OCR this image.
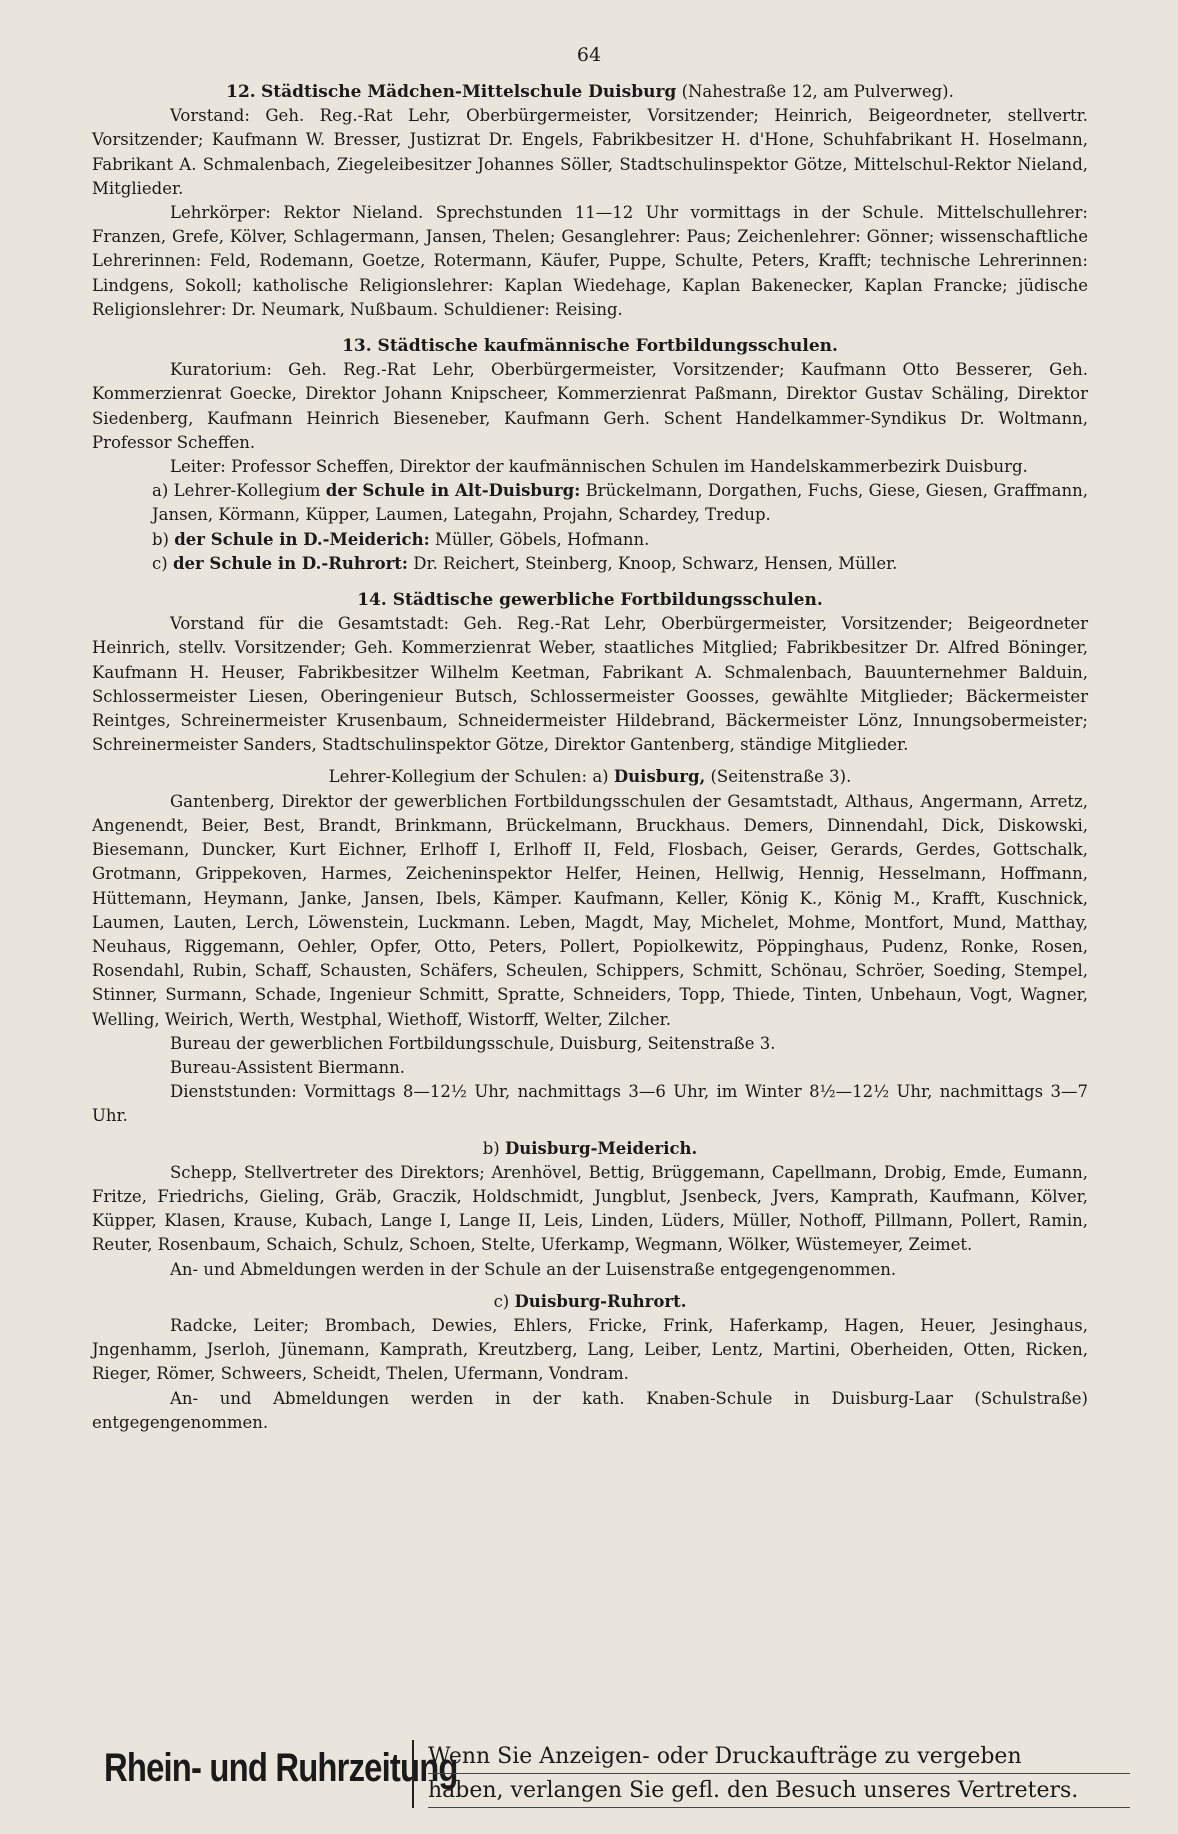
64

12. Städtische Mädchen-Mittelschule Duisburg (Nahestraße 12, am Pulverweg).

Vorstand: Geh. Reg.-Rat Lehr, Oberbürgermeister, Vorsitzender; Heinrich, Beigeordneter, stellvertr. Vorsitzender; Kaufmann W. Bresser, Justizrat Dr. Engels, Fabrikbesitzer H. d'Hone, Schuhfabrikant H. Hoselmann, Fabrikant A. Schmalenbach, Ziegeleibesitzer Johannes Söller, Stadtschulinspektor Götze, Mittelschul-Rektor Nieland, Mitglieder.

Lehrkörper: Rektor Nieland. Sprechstunden 11—12 Uhr vormittags in der Schule. Mittelschullehrer: Franzen, Grefe, Kölver, Schlagermann, Jansen, Thelen; Gesanglehrer: Paus; Zeichenlehrer: Gönner; wissenschaftliche Lehrerinnen: Feld, Rodemann, Goetze, Rotermann, Käufer, Puppe, Schulte, Peters, Krafft; technische Lehrerinnen: Lindgens, Sokoll; katholische Religionslehrer: Kaplan Wiedehage, Kaplan Bakenecker, Kaplan Francke; jüdische Religionslehrer: Dr. Neumark, Nußbaum. Schuldiener: Reising.

13. Städtische kaufmännische Fortbildungsschulen.

Kuratorium: Geh. Reg.-Rat Lehr, Oberbürgermeister, Vorsitzender; Kaufmann Otto Besserer, Geh. Kommerzienrat Goecke, Direktor Johann Knipscheer, Kommerzienrat Paßmann, Direktor Gustav Schäling, Direktor Siedenberg, Kaufmann Heinrich Bieseneber, Kaufmann Gerh. Schent Handelkammer-Syndikus Dr. Woltmann, Professor Scheffen.

Leiter: Professor Scheffen, Direktor der kaufmännischen Schulen im Handelskammerbezirk Duisburg.

a) Lehrer-Kollegium der Schule in Alt-Duisburg: Brückelmann, Dorgathen, Fuchs, Giese, Giesen, Graffmann, Jansen, Körmann, Küpper, Laumen, Lategahn, Projahn, Schardey, Tredup.

b) der Schule in D.-Meiderich: Müller, Göbels, Hofmann.

c) der Schule in D.-Ruhrort: Dr. Reichert, Steinberg, Knoop, Schwarz, Hensen, Müller.

14. Städtische gewerbliche Fortbildungsschulen.

Vorstand für die Gesamtstadt: Geh. Reg.-Rat Lehr, Oberbürgermeister, Vorsitzender; Beigeordneter Heinrich, stellv. Vorsitzender; Geh. Kommerzienrat Weber, staatliches Mitglied; Fabrikbesitzer Dr. Alfred Böninger, Kaufmann H. Heuser, Fabrikbesitzer Wilhelm Keetman, Fabrikant A. Schmalenbach, Bauunternehmer Balduin, Schlossermeister Liesen, Oberingenieur Butsch, Schlossermeister Goosses, gewählte Mitglieder; Bäckermeister Reintges, Schreinermeister Krusenbaum, Schneidermeister Hildebrand, Bäckermeister Lönz, Innungsobermeister; Schreinermeister Sanders, Stadtschulinspektor Götze, Direktor Gantenberg, ständige Mitglieder.

Lehrer-Kollegium der Schulen: a) Duisburg, (Seitenstraße 3).

Gantenberg, Direktor der gewerblichen Fortbildungsschulen der Gesamtstadt, Althaus, Angermann, Arretz, Angenendt, Beier, Best, Brandt, Brinkmann, Brückelmann, Bruckhaus. Demers, Dinnendahl, Dick, Diskowski, Biesemann, Duncker, Kurt Eichner, Erlhoff I, Erlhoff II, Feld, Flosbach, Geiser, Gerards, Gerdes, Gottschalk, Grotmann, Grippekoven, Harmes, Zeicheninspektor Helfer, Heinen, Hellwig, Hennig, Hesselmann, Hoffmann, Hüttemann, Heymann, Janke, Jansen, Ibels, Kämper. Kaufmann, Keller, König K., König M., Krafft, Kuschnick, Laumen, Lauten, Lerch, Löwenstein, Luckmann. Leben, Magdt, May, Michelet, Mohme, Montfort, Mund, Matthay, Neuhaus, Riggemann, Oehler, Opfer, Otto, Peters, Pollert, Popiolkewitz, Pöppinghaus, Pudenz, Ronke, Rosen, Rosendahl, Rubin, Schaff, Schausten, Schäfers, Scheulen, Schippers, Schmitt, Schönau, Schröer, Soeding, Stempel, Stinner, Surmann, Schade, Ingenieur Schmitt, Spratte, Schneiders, Topp, Thiede, Tinten, Unbehaun, Vogt, Wagner, Welling, Weirich, Werth, Westphal, Wiethoff, Wistorff, Welter, Zilcher.

Bureau der gewerblichen Fortbildungsschule, Duisburg, Seitenstraße 3.

Bureau-Assistent Biermann.

Dienststunden: Vormittags 8—12½ Uhr, nachmittags 3—6 Uhr, im Winter 8½—12½ Uhr, nachmittags 3—7 Uhr.

b) Duisburg-Meiderich.

Schepp, Stellvertreter des Direktors; Arenhövel, Bettig, Brüggemann, Capellmann, Drobig, Emde, Eumann, Fritze, Friedrichs, Gieling, Gräb, Graczik, Holdschmidt, Jungblut, Jsenbeck, Jvers, Kamprath, Kaufmann, Kölver, Küpper, Klasen, Krause, Kubach, Lange I, Lange II, Leis, Linden, Lüders, Müller, Nothoff, Pillmann, Pollert, Ramin, Reuter, Rosenbaum, Schaich, Schulz, Schoen, Stelte, Uferkamp, Wegmann, Wölker, Wüstemeyer, Zeimet.

An- und Abmeldungen werden in der Schule an der Luisenstraße entgegengenommen.

c) Duisburg-Ruhrort.

Radcke, Leiter; Brombach, Dewies, Ehlers, Fricke, Frink, Haferkamp, Hagen, Heuer, Jesinghaus, Jngenhamm, Jserloh, Jünemann, Kamprath, Kreutzberg, Lang, Leiber, Lentz, Martini, Oberheiden, Otten, Ricken, Rieger, Römer, Schweers, Scheidt, Thelen, Ufermann, Vondram.

An- und Abmeldungen werden in der kath. Knaben-Schule in Duisburg-Laar (Schulstraße) entgegengenommen.

Rhein- und Ruhrzeitung
Wenn Sie Anzeigen- oder Druckaufträge zu vergeben
haben, verlangen Sie gefl. den Besuch unseres Vertreters.
